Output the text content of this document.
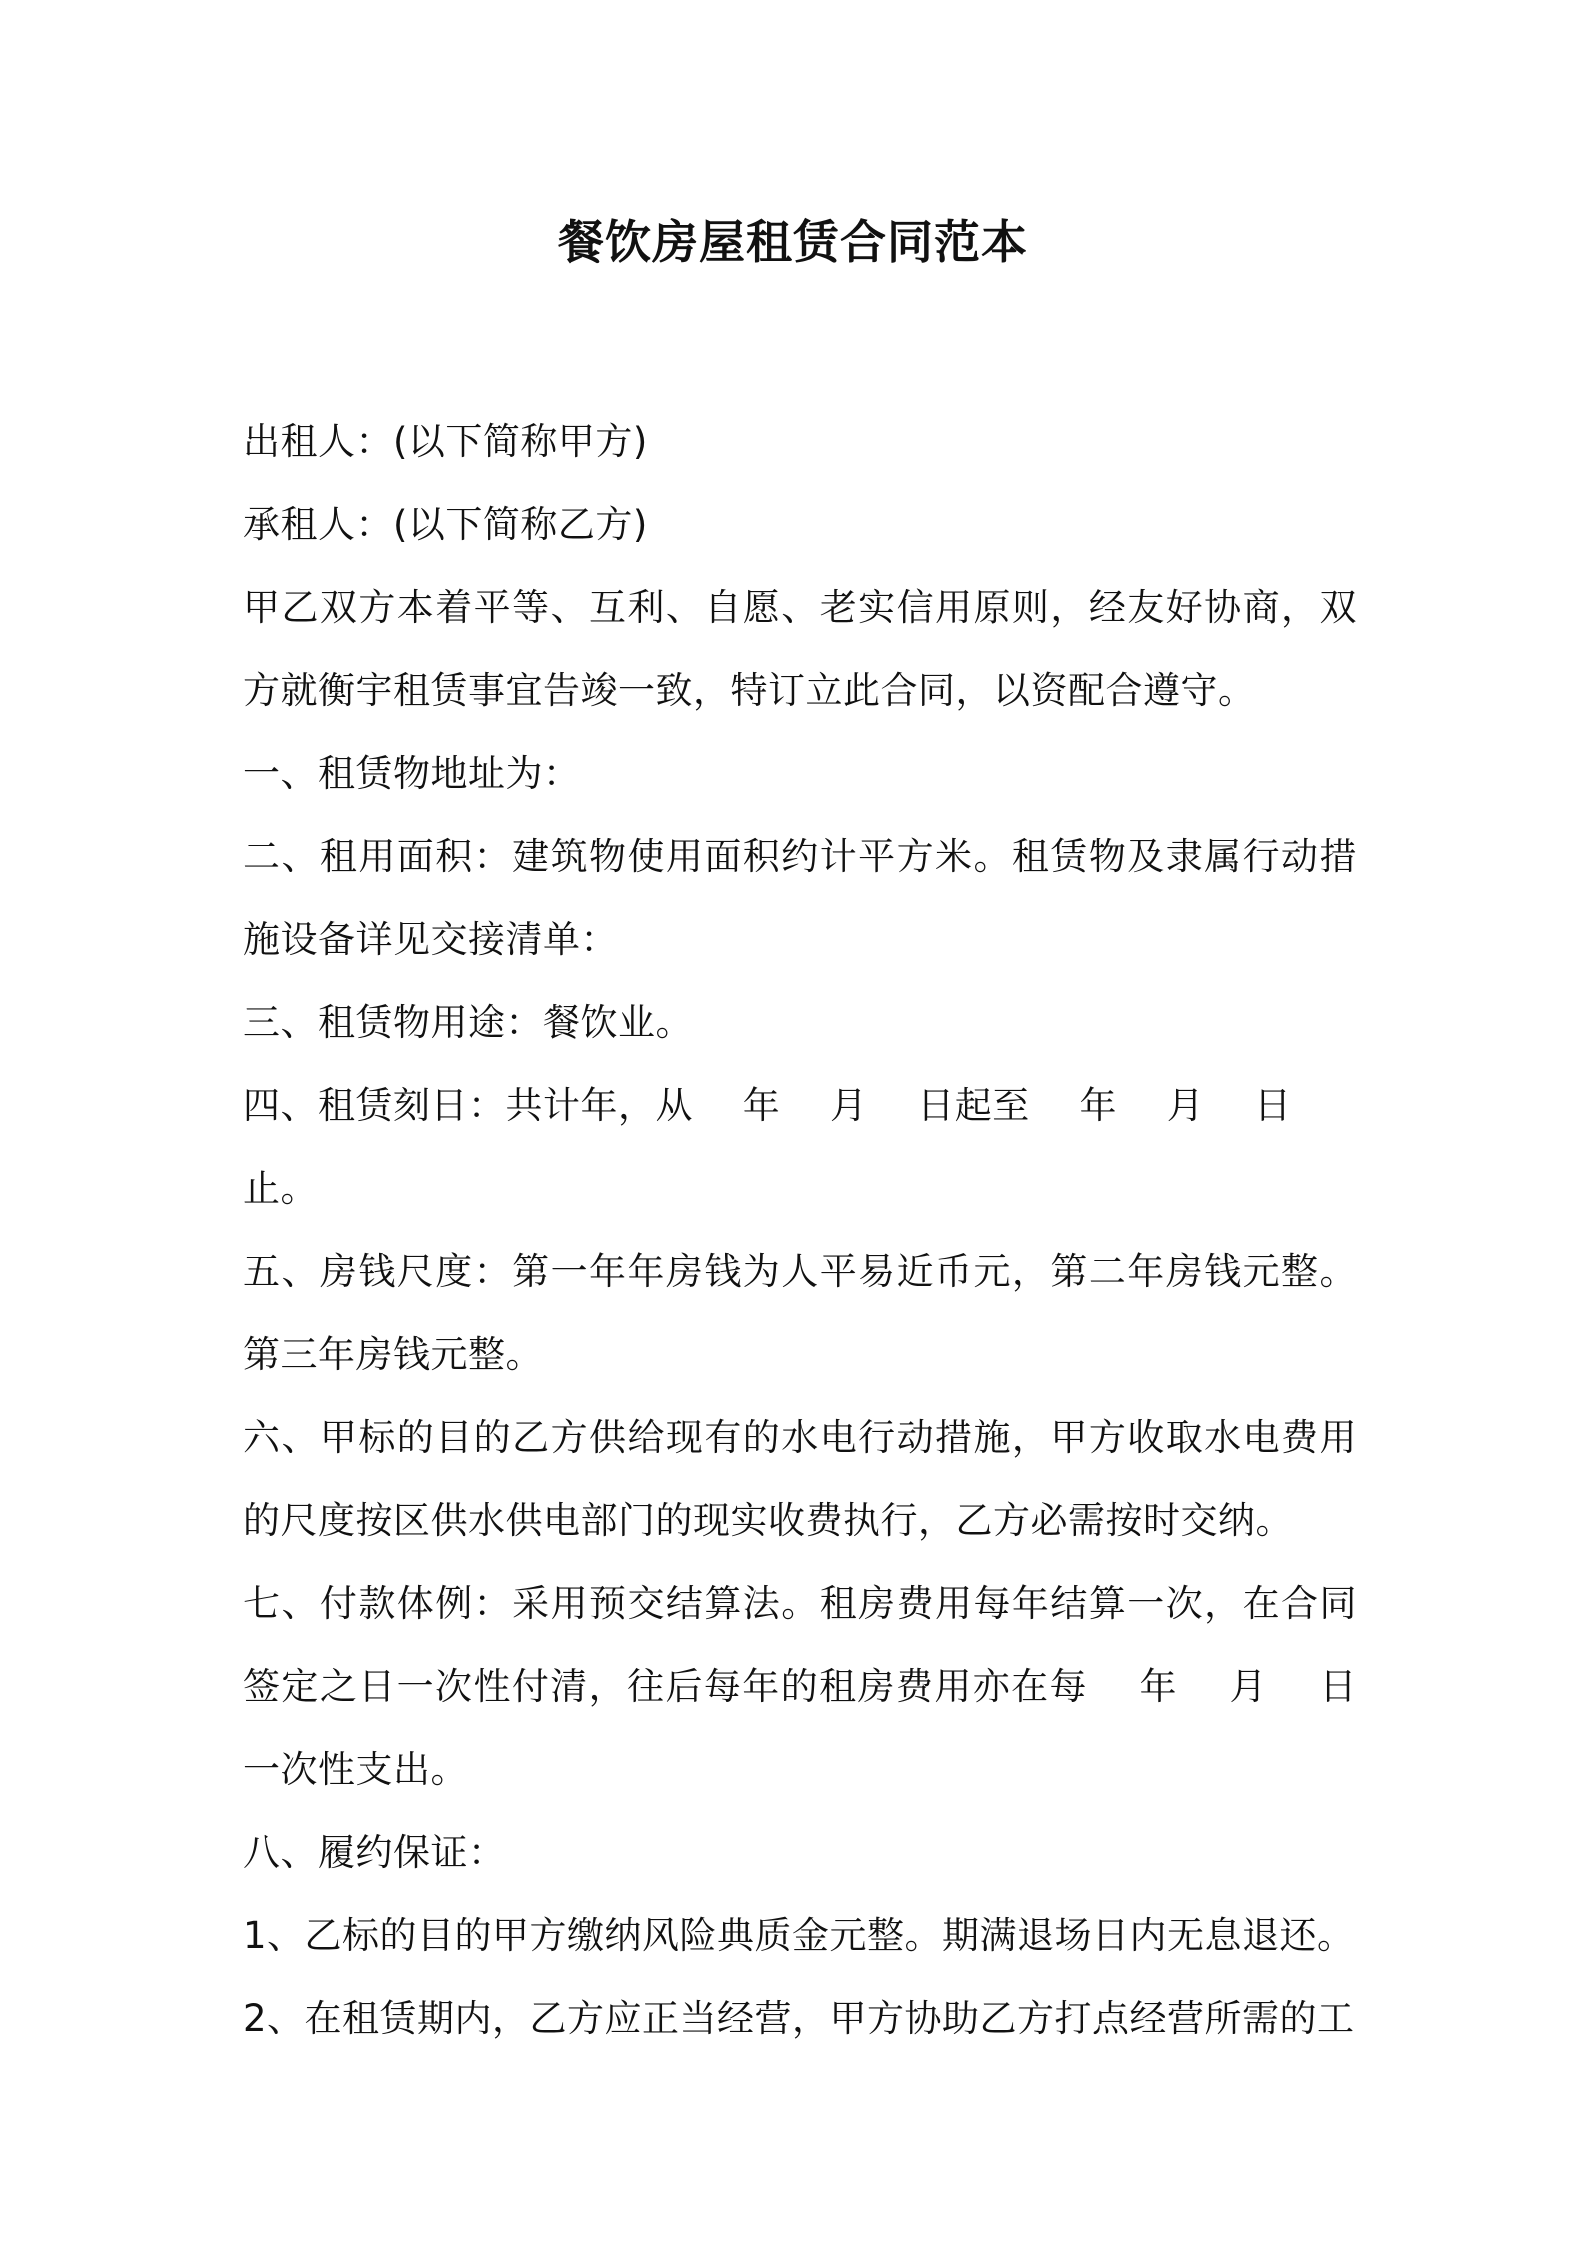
餐饮房屋租赁合同范本

出租人：(以下简称甲方)

承租人：(以下简称乙方)

甲乙双方本着平等、互利、自愿、老实信用原则，经友好协商，双方就衡宇租赁事宜告竣一致，特订立此合同，以资配合遵守。

一、租赁物地址为：

二、租用面积：建筑物使用面积约计平方米。租赁物及隶属行动措施设备详见交接清单：

三、租赁物用途：餐饮业。

四、租赁刻日：共计年，从　 年　 月　 日起至　 年　 月　 日止。

五、房钱尺度：第一年年房钱为人平易近币元，第二年房钱元整。第三年房钱元整。

六、甲标的目的乙方供给现有的水电行动措施，甲方收取水电费用的尺度按区供水供电部门的现实收费执行，乙方必需按时交纳。

七、付款体例：采用预交结算法。租房费用每年结算一次，在合同签定之日一次性付清，往后每年的租房费用亦在每　 年　 月　 日一次性支出。

八、履约保证：

1、乙标的目的甲方缴纳风险典质金元整。期满退场日内无息退还。

2、在租赁期内，乙方应正当经营，甲方协助乙方打点经营所需的工
